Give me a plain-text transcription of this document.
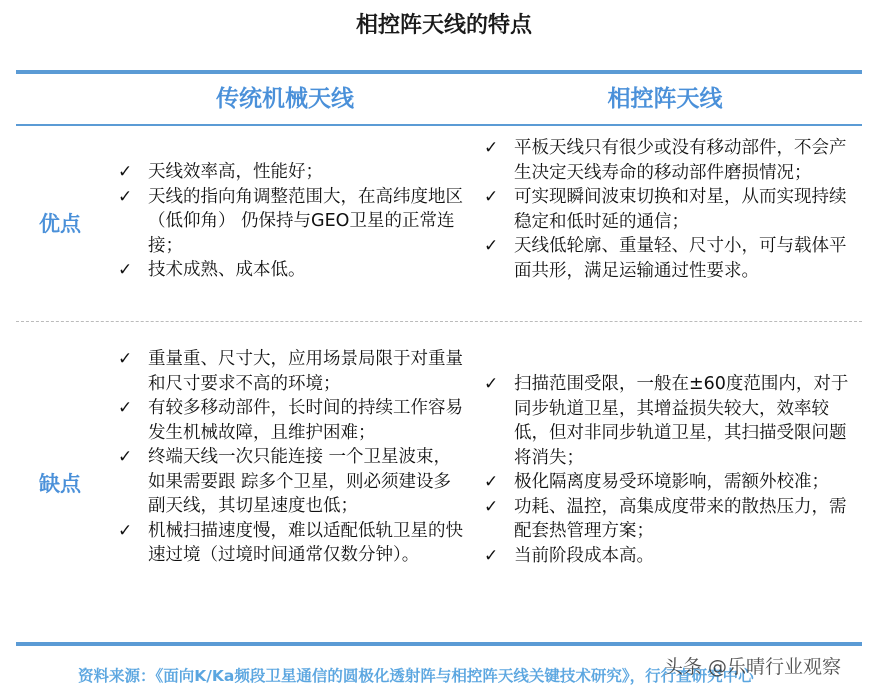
相控阵天线的特点
传统机械天线	相控阵天线
优点
✓ 天线效率高，性能好；
✓ 天线的指向角调整范围大，在高纬度地区（低仰角） 仍保持与GEO卫星的正常连接；
✓ 技术成熟、成本低。
✓ 平板天线只有很少或没有移动部件，不会产生决定天线寿命的移动部件磨损情况；
✓ 可实现瞬间波束切换和对星，从而实现持续稳定和低时延的通信；
✓ 天线低轮廓、重量轻、尺寸小，可与载体平面共形，满足运输通过性要求。
缺点
✓ 重量重、尺寸大，应用场景局限于对重量和尺寸要求不高的环境；
✓ 有较多移动部件，长时间的持续工作容易发生机械故障，且维护困难；
✓ 终端天线一次只能连接 一个卫星波束，如果需要跟 踪多个卫星，则必须建设多副天线，其切星速度也低；
✓ 机械扫描速度慢，难以适配低轨卫星的快速过境（过境时间通常仅数分钟）。
✓ 扫描范围受限，一般在±60度范围内，对于同步轨道卫星，其增益损失较大，效率较低，但对非同步轨道卫星，其扫描受限问题将消失；
✓ 极化隔离度易受环境影响，需额外校准；
✓ 功耗、温控，高集成度带来的散热压力，需配套热管理方案；
✓ 当前阶段成本高。
资料来源：《面向K/Ka频段卫星通信的圆极化透射阵与相控阵天线关键技术研究》，行行查研究中心
头条 @乐晴行业观察
